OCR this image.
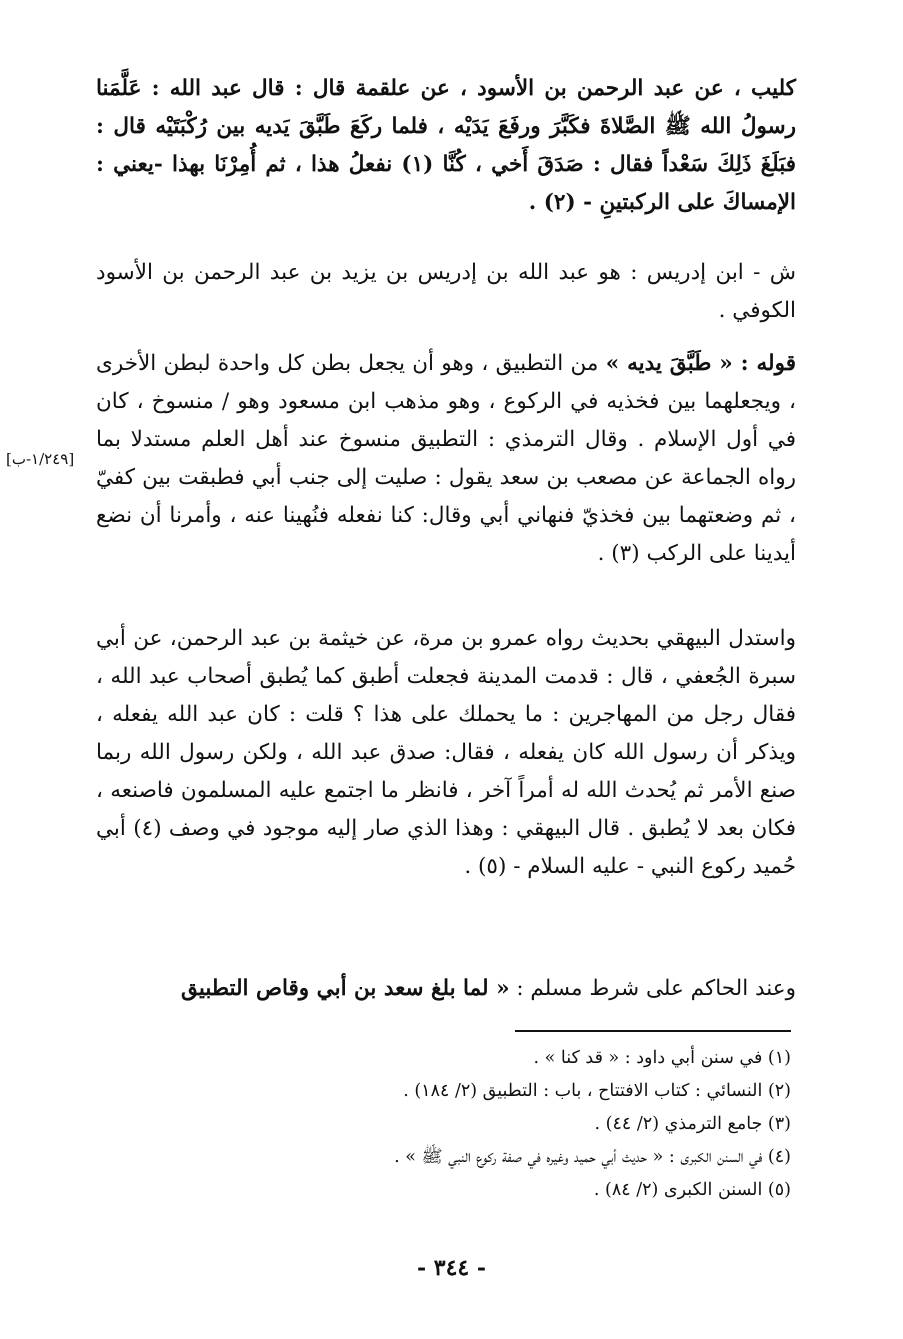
كليب ، عن عبد الرحمن بن الأسود ، عن علقمة قال : قال عبد الله : عَلَّمَنا رسولُ الله ﷺ الصَّلاةَ فكَبَّرَ ورفَعَ يَدَيْه ، فلما ركَعَ طَبَّقَ يَديه بين رُكْبَتَيْه قال : فبَلَغَ ذَلِكَ سَعْداً فقال : صَدَقَ أَخي ، كُنَّا (١) نفعلُ هذا ، ثم أُمِرْنَا بهذا -يعني : الإمساكَ على الركبتينِ - (٢) .

ش - ابن إدريس : هو عبد الله بن إدريس بن يزيد بن عبد الرحمن بن الأسود الكوفي .

قوله : « طَبَّقَ يديه » من التطبيق ، وهو أن يجعل بطن كل واحدة لبطن الأخرى ، ويجعلهما بين فخذيه في الركوع ، وهو مذهب ابن مسعود وهو / منسوخ ، كان في أول الإسلام . وقال الترمذي : التطبيق منسوخ عند أهل العلم مستدلا بما رواه الجماعة عن مصعب بن سعد يقول : صليت إلى جنب أبي فطبقت بين كفيّ ، ثم وضعتهما بين فخذيّ فنهاني أبي وقال: كنا نفعله فنُهينا عنه ، وأمرنا أن نضع أيدينا على الركب (٣) .

[١/٢٤٩-ب]

واستدل البيهقي بحديث رواه عمرو بن مرة، عن خيثمة بن عبد الرحمن، عن أبي سبرة الجُعفي ، قال : قدمت المدينة فجعلت أطبق كما يُطبق أصحاب عبد الله ، فقال رجل من المهاجرين : ما يحملك على هذا ؟ قلت : كان عبد الله يفعله ، ويذكر أن رسول الله كان يفعله ، فقال: صدق عبد الله ، ولكن رسول الله ربما صنع الأمر ثم يُحدث الله له أمراً آخر ، فانظر ما اجتمع عليه المسلمون فاصنعه ، فكان بعد لا يُطبق . قال البيهقي : وهذا الذي صار إليه موجود في وصف (٤) أبي حُميد ركوع النبي - عليه السلام - (٥) .

وعند الحاكم على شرط مسلم : « لما بلغ سعد بن أبي وقاص التطبيق

(١) في سنن أبي داود : « قد كنا » .

(٢) النسائي : كتاب الافتتاح ، باب : التطبيق (٢/ ١٨٤) .

(٣) جامع الترمذي (٢/ ٤٤) .

(٤) في السنن الكبرى : « حديث أبي حميد وغيره في صفة ركوع النبي ﷺ » .

(٥) السنن الكبرى (٢/ ٨٤) .

- ٣٤٤ -
